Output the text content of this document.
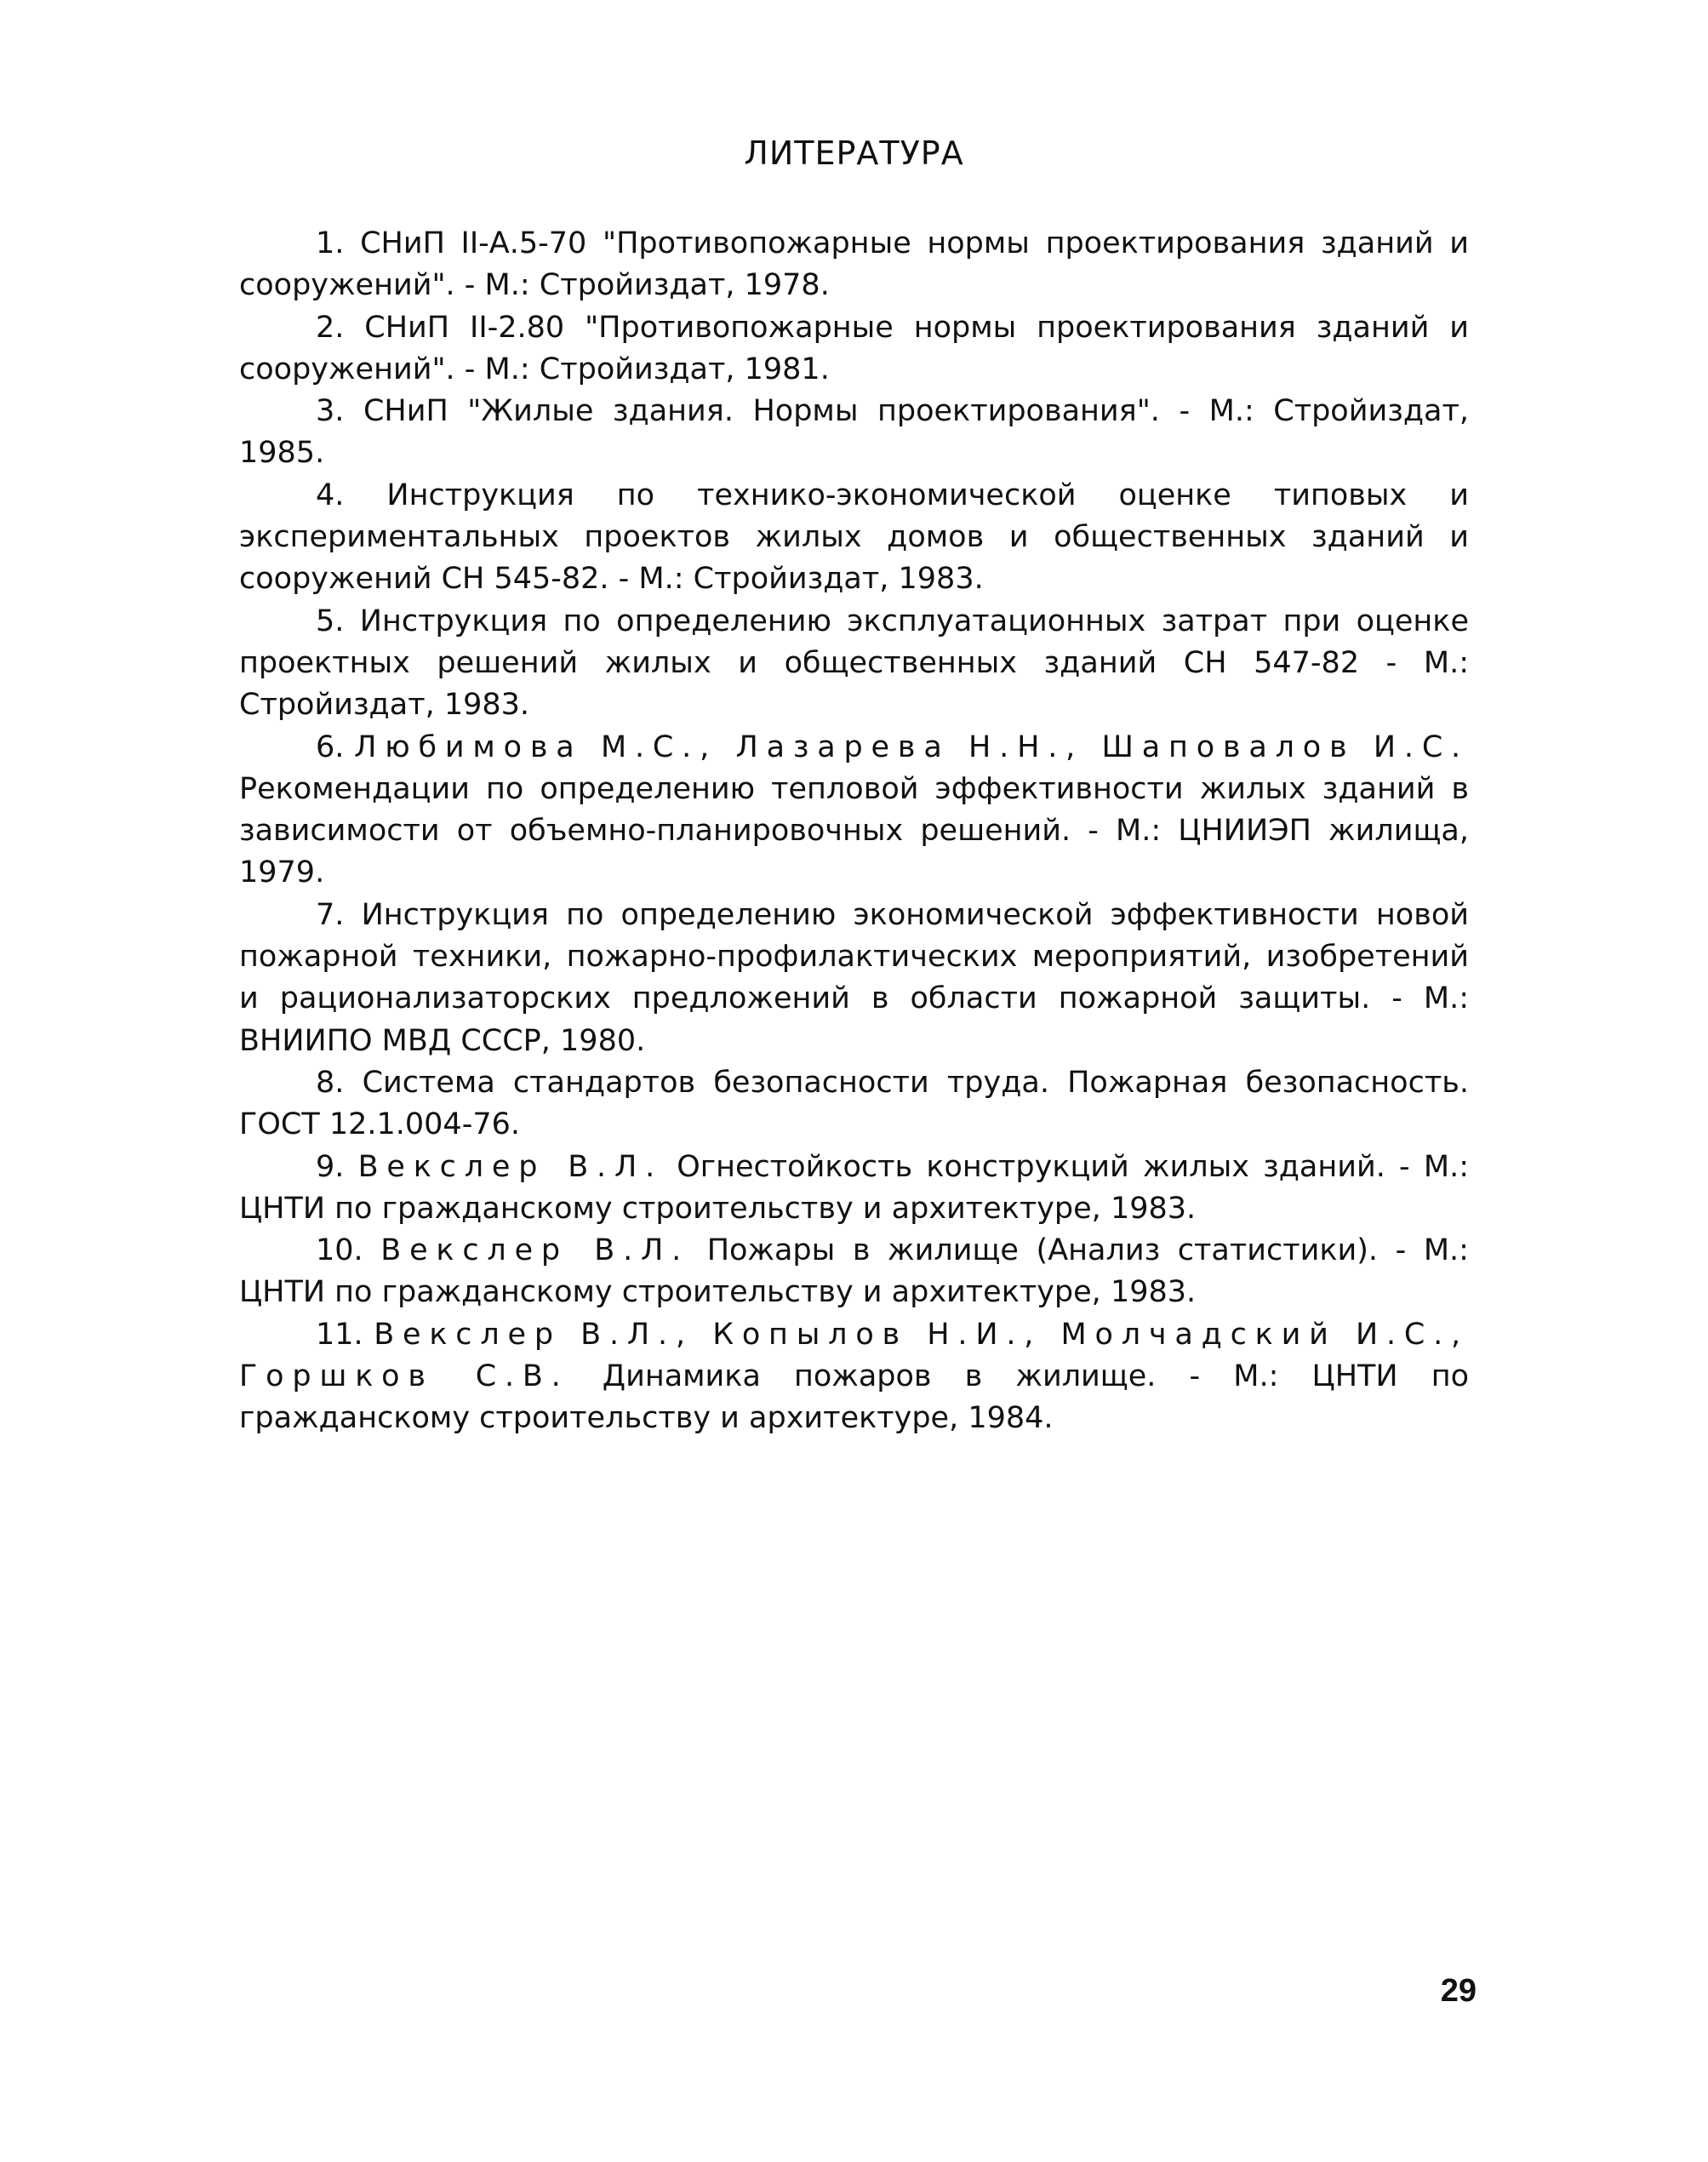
ЛИТЕРАТУРА
1. СНиП II-А.5-70 "Противопожарные нормы проектирования зданий и сооружений". - М.: Стройиздат, 1978.
2. СНиП II-2.80 "Противопожарные нормы проектирования зданий и сооружений". - М.: Стройиздат, 1981.
3. СНиП "Жилые здания. Нормы проектирования". - М.: Стройиздат, 1985.
4. Инструкция по технико-экономической оценке типовых и экспериментальных проектов жилых домов и общественных зданий и сооружений СН 545-82. - М.: Стройиздат, 1983.
5. Инструкция по определению эксплуатационных затрат при оценке проектных решений жилых и общественных зданий СН 547-82 - М.: Стройиздат, 1983.
6. Любимова М.С., Лазарева Н.Н., Шаповалов И.С. Рекомендации по определению тепловой эффективности жилых зданий в зависимости от объемно-планировочных решений. - М.: ЦНИИЭП жилища, 1979.
7. Инструкция по определению экономической эффективности новой пожарной техники, пожарно-профилактических мероприятий, изобретений и рационализаторских предложений в области пожарной защиты. - М.: ВНИИПО МВД СССР, 1980.
8. Система стандартов безопасности труда. Пожарная безопасность. ГОСТ 12.1.004-76.
9. Векслер В.Л. Огнестойкость конструкций жилых зданий. - М.: ЦНТИ по гражданскому строительству и архитектуре, 1983.
10. Векслер В.Л. Пожары в жилище (Анализ статистики). - М.: ЦНТИ по гражданскому строительству и архитектуре, 1983.
11. Векслер В.Л., Копылов Н.И., Молчадский И.С., Горшков С.В. Динамика пожаров в жилище. - М.: ЦНТИ по гражданскому строительству и архитектуре, 1984.
29
